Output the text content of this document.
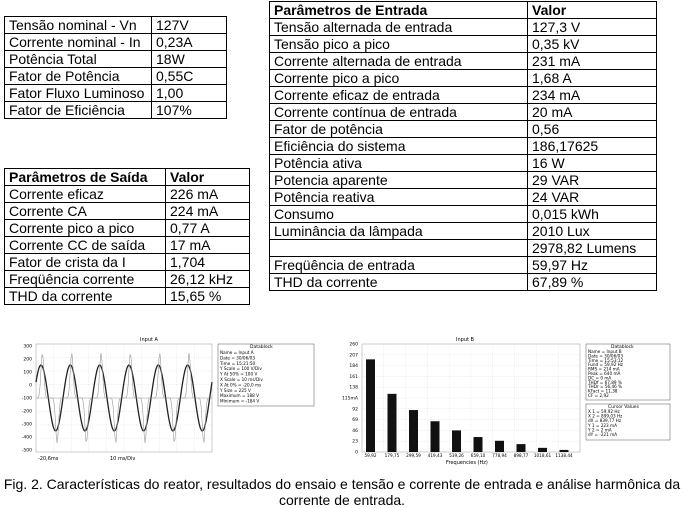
Tensão nominal - Vn	127V
Corrente nominal - In	0,23A
Potência Total	18W
Fator de Potência	0,55C
Fator Fluxo Luminoso	1,00
Fator de Eficiência	107%
Parâmetros de Saída	Valor
Corrente eficaz	226 mA
Corrente CA	224 mA
Corrente pico a pico	0,77 A
Corrente CC de saída	17 mA
Fator de crista da I	1,704
Freqüência corrente	26,12 kHz
THD da corrente	15,65 %
Parâmetros de Entrada	Valor
Tensão alternada de entrada	127,3 V
Tensão pico a pico	0,35 kV
Corrente alternada de entrada	231 mA
Corrente pico a pico	1,68 A
Corrente eficaz de entrada	234 mA
Corrente contínua de entrada	20 mA
Fator de potência	0,56
Eficiência do sistema	186,17625
Potência ativa	16 W
Potencia aparente	29 VAR
Potência reativa	24 VAR
Consumo	0,015 kWh
Luminância da lâmpada	2010 Lux
	2978,82 Lumens
Freqüência de entrada	59,97 Hz
THD da corrente	67,89 %
Input A
300
200
100
0
-100
-200
-300
-400
-500
-20,6ms	10 ms/Div
Datablock
Name = Input A
Date = 30/06/03
Time = 15:21:50
Y Scale = 100 V/Div
Y At 50% = 100 V
X Scale = 10 ms/Div
X At 0% = -20,0 ms
Y Size = 225 V
Maximum = 188 V
Minimum = -184 V
Input B
260
207
184
161
138
115mA
92
69
46
23
0 59,92 179,75 299,59 419,43 539,26 659,10 778,94 898,77 1018,61 1138,44
Frequencies (Hz)
Datablock
Name = Input B
Date = 30/06/03
Time = 15:53:12
Fund = 59,92 Hz
RMS = 214 mA
Peak = 640 mA
DC = 0 mA
THDf = 67,89 %
THDr = 56,46 %
KFact = 11,38
CF = 2,92
Cursor Values
X 1 = 59,92 Hz
X 2 = 899,03 Hz
dX = 839,77 Hz
Y 1 = 223 mA
Y 2 = 2 mA
dY = -221 mA
Fig. 2. Características do reator, resultados do ensaio e tensão e corrente de entrada e análise harmônica da corrente de entrada.
